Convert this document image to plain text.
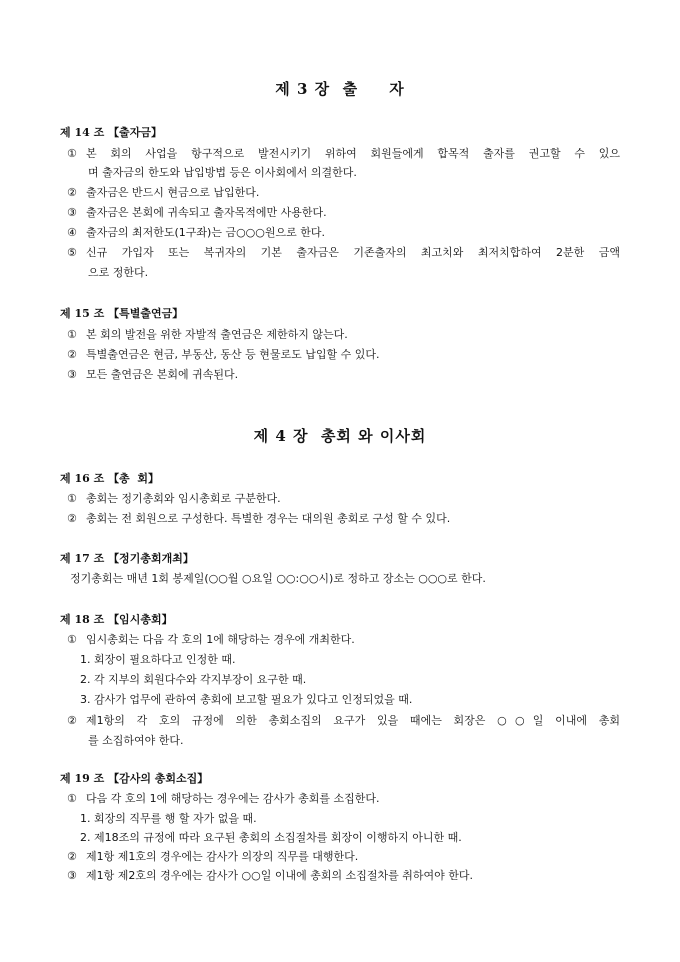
제 3 장  출     자
제 14 조 【출자금】
① 본 회의 사업을 항구적으로 발전시키기 위하여 회원들에게 합목적 출자를 권고할 수 있으
며 출자금의 한도와 납입방법 등은 이사회에서 의결한다.
② 출자금은 반드시 현금으로 납입한다.
③ 출자금은 본회에 귀속되고 출자목적에만 사용한다.
④ 출자금의 최저한도(1구좌)는 금○○○원으로 한다.
⑤ 신규 가입자 또는 복귀자의 기본 출자금은 기존출자의 최고치와 최저치합하여 2분한 금액
으로 정한다.
제 15 조 【특별출연금】
① 본 회의 발전을 위한 자발적 출연금은 제한하지 않는다.
② 특별출연금은 현금, 부동산, 동산 등 현물로도 납입할 수 있다.
③ 모든 출연금은 본회에 귀속된다.
제 4 장  총회 와 이사회
제 16 조 【총  회】
① 총회는 정기총회와 임시총회로 구분한다.
② 총회는 전 회원으로 구성한다. 특별한 경우는 대의원 총회로 구성 할 수 있다.
제 17 조 【정기총회개최】
정기총회는 매년 1회 봉제일(○○월 ○요일 ○○:○○시)로 정하고 장소는 ○○○로 한다.
제 18 조 【임시총회】
① 임시총회는 다음 각 호의 1에 해당하는 경우에 개최한다.
1. 회장이 필요하다고 인정한 때.
2. 각 지부의 회원다수와 각지부장이 요구한 때.
3. 감사가 업무에 관하여 총회에 보고할 필요가 있다고 인정되었을 때.
② 제1항의 각 호의 규정에 의한 총회소집의 요구가 있을 때에는 회장은 ○○일 이내에 총회
를 소집하여야 한다.
제 19 조 【감사의 총회소집】
① 다음 각 호의 1에 해당하는 경우에는 감사가 총회를 소집한다.
1. 회장의 직무를 행 할 자가 없을 때.
2. 제18조의 규정에 따라 요구된 총회의 소집절차를 회장이 이행하지 아니한 때.
② 제1항 제1호의 경우에는 감사가 의장의 직무를 대행한다.
③ 제1항 제2호의 경우에는 감사가 ○○일 이내에 총회의 소집절차를 취하여야 한다.
